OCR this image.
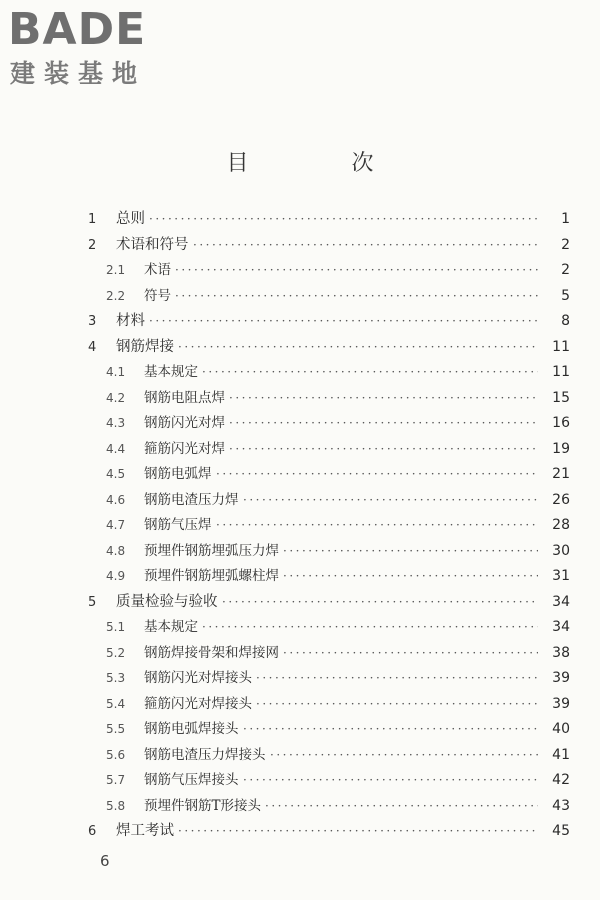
BADE
建装基地
目 次
1 ·····	总则	1
2 ·····	术语和符号	2
2.1 ·····	术语	2
2.2 ·····	符号	5
3 ·····	材料	8
4 ·····	钢筋焊接	11
4.1 ·····	基本规定	11
4.2 ·····	钢筋电阻点焊	15
4.3 ·····	钢筋闪光对焊	16
4.4 ·····	箍筋闪光对焊	19
4.5 ·····	钢筋电弧焊	21
4.6 ·····	钢筋电渣压力焊	26
4.7 ·····	钢筋气压焊	28
4.8 ·····	预埋件钢筋埋弧压力焊	30
4.9 ·····	预埋件钢筋埋弧螺柱焊	31
5 ·····	质量检验与验收	34
5.1 ·····	基本规定	34
5.2 ·····	钢筋焊接骨架和焊接网	38
5.3 ·····	钢筋闪光对焊接头	39
5.4 ·····	箍筋闪光对焊接头	39
5.5 ·····	钢筋电弧焊接头	40
5.6 ·····	钢筋电渣压力焊接头	41
5.7 ·····	钢筋气压焊接头	42
5.8 ·····	预埋件钢筋T形接头	43
6 ·····	焊工考试	45
6
